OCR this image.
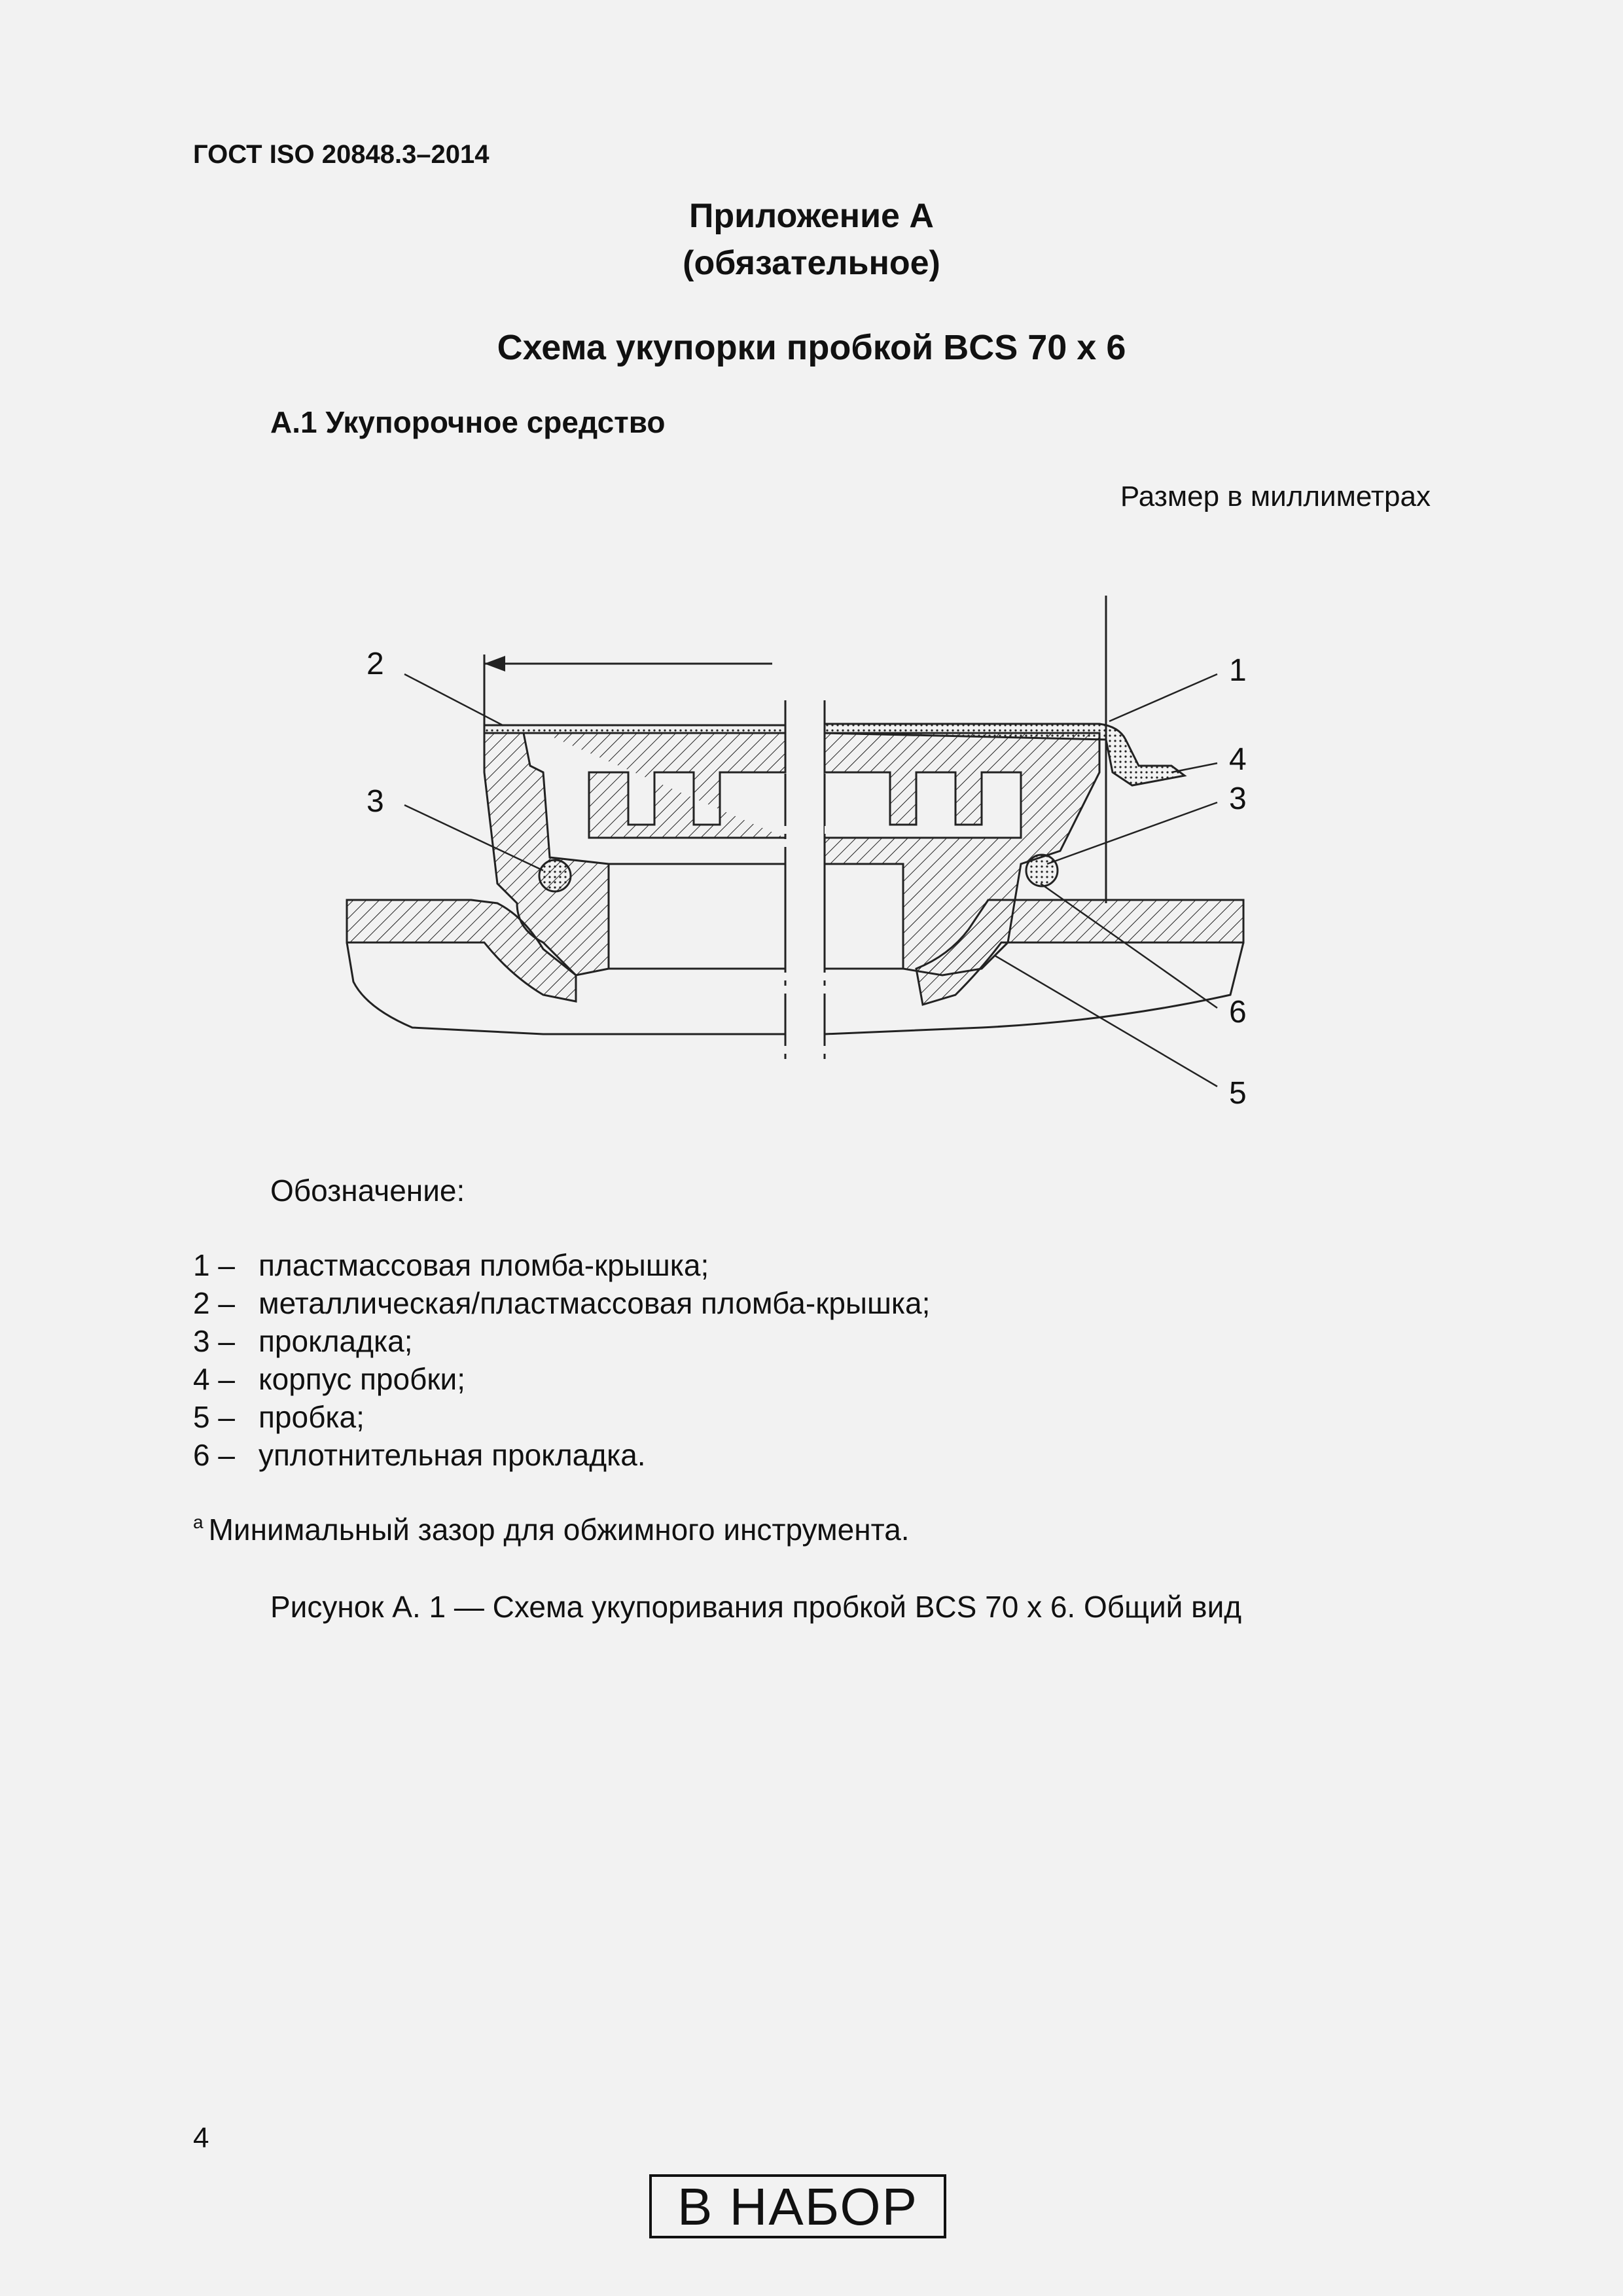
ГОСТ ISO 20848.3–2014
Приложение А
(обязательное)
Схема укупорки пробкой BCS 70 x 6
А.1 Укупорочное средство
Размер в миллиметрах
2
3
1
4
3
6
5
Обозначение:
1 – пластмассовая пломба-крышка;
2 – металлическая/пластмассовая пломба-крышка;
3 – прокладка;
4 – корпус пробки;
5 – пробка;
6 – уплотнительная прокладка.
$^а$ Минимальный зазор для обжимного инструмента.
Рисунок А. 1 — Схема укупоривания пробкой BCS 70 x 6. Общий вид
4
В НАБОР
